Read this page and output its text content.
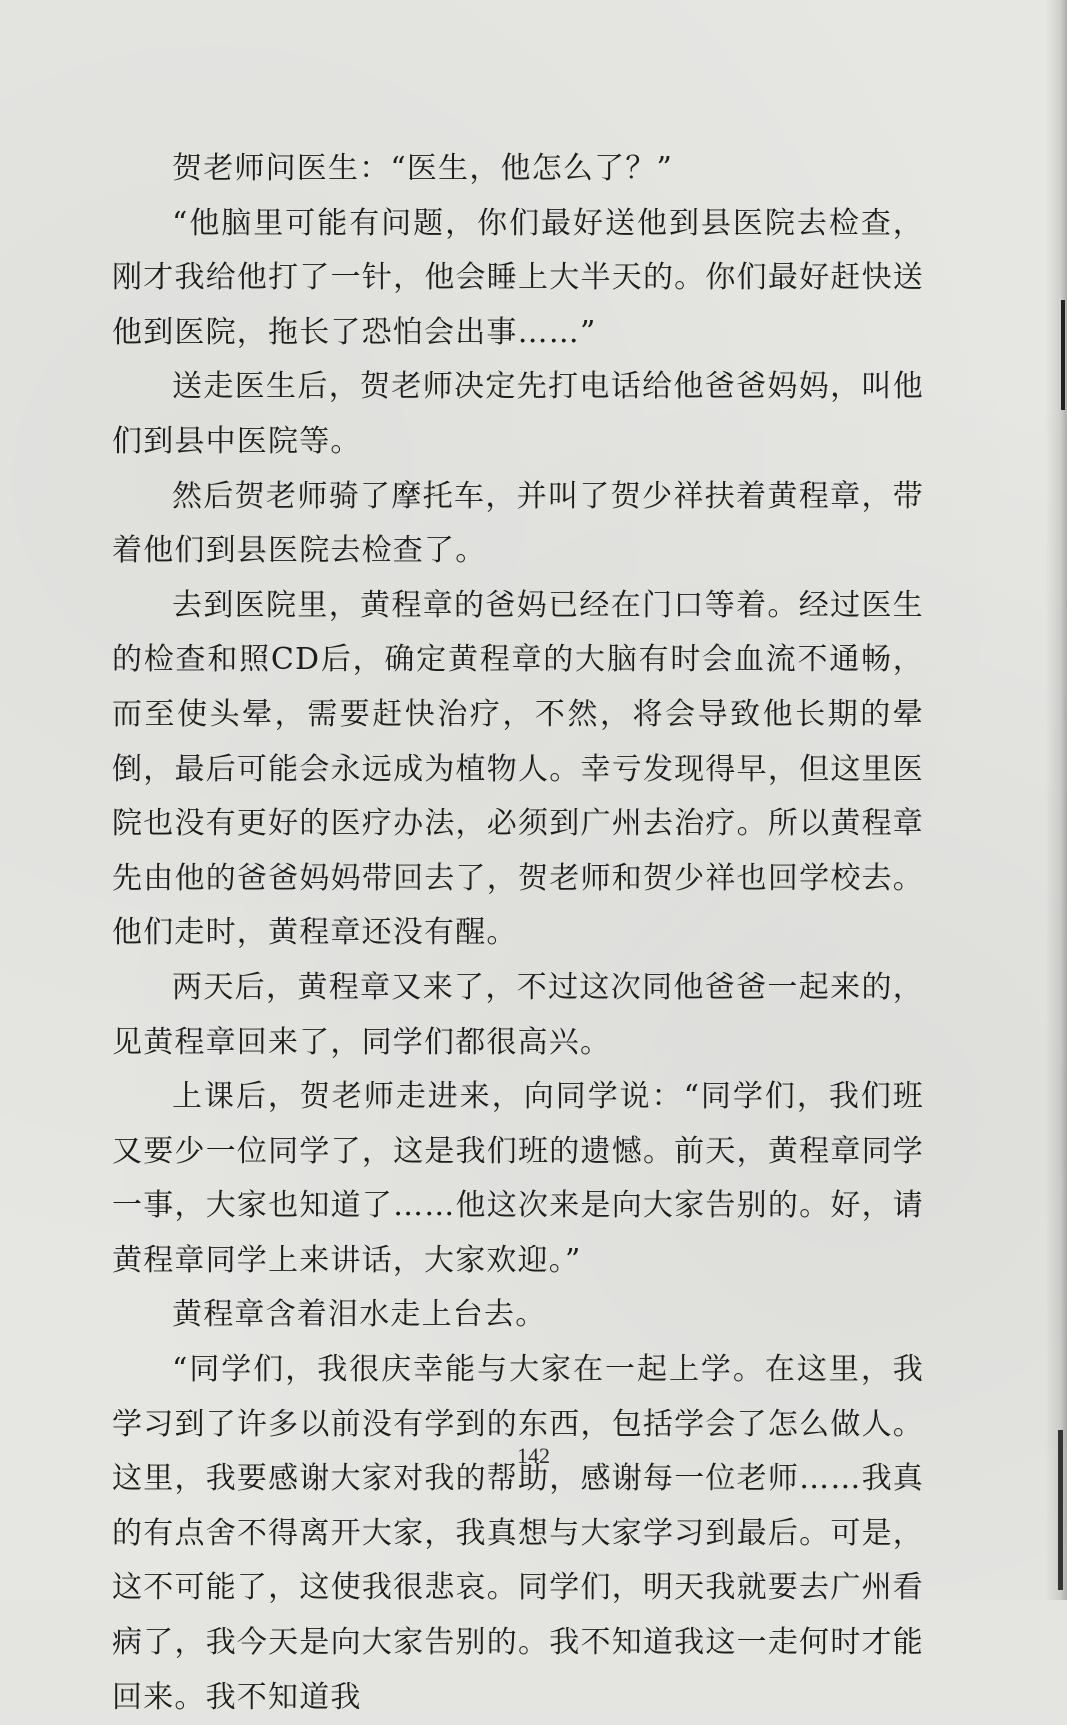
贺老师问医生：“医生，他怎么了？”

“他脑里可能有问题，你们最好送他到县医院去检查，刚才我给他打了一针，他会睡上大半天的。你们最好赶快送他到医院，拖长了恐怕会出事……”

送走医生后，贺老师决定先打电话给他爸爸妈妈，叫他们到县中医院等。

然后贺老师骑了摩托车，并叫了贺少祥扶着黄程章，带着他们到县医院去检查了。

去到医院里，黄程章的爸妈已经在门口等着。经过医生的检查和照CD后，确定黄程章的大脑有时会血流不通畅，而至使头晕，需要赶快治疗，不然，将会导致他长期的晕倒，最后可能会永远成为植物人。幸亏发现得早，但这里医院也没有更好的医疗办法，必须到广州去治疗。所以黄程章先由他的爸爸妈妈带回去了，贺老师和贺少祥也回学校去。他们走时，黄程章还没有醒。

两天后，黄程章又来了，不过这次同他爸爸一起来的，见黄程章回来了，同学们都很高兴。

上课后，贺老师走进来，向同学说：“同学们，我们班又要少一位同学了，这是我们班的遗憾。前天，黄程章同学一事，大家也知道了……他这次来是向大家告别的。好，请黄程章同学上来讲话，大家欢迎。”

黄程章含着泪水走上台去。

“同学们，我很庆幸能与大家在一起上学。在这里，我学习到了许多以前没有学到的东西，包括学会了怎么做人。这里，我要感谢大家对我的帮助，感谢每一位老师……我真的有点舍不得离开大家，我真想与大家学习到最后。可是，这不可能了，这使我很悲哀。同学们，明天我就要去广州看病了，我今天是向大家告别的。我不知道我这一走何时才能回来。我不知道我

142
